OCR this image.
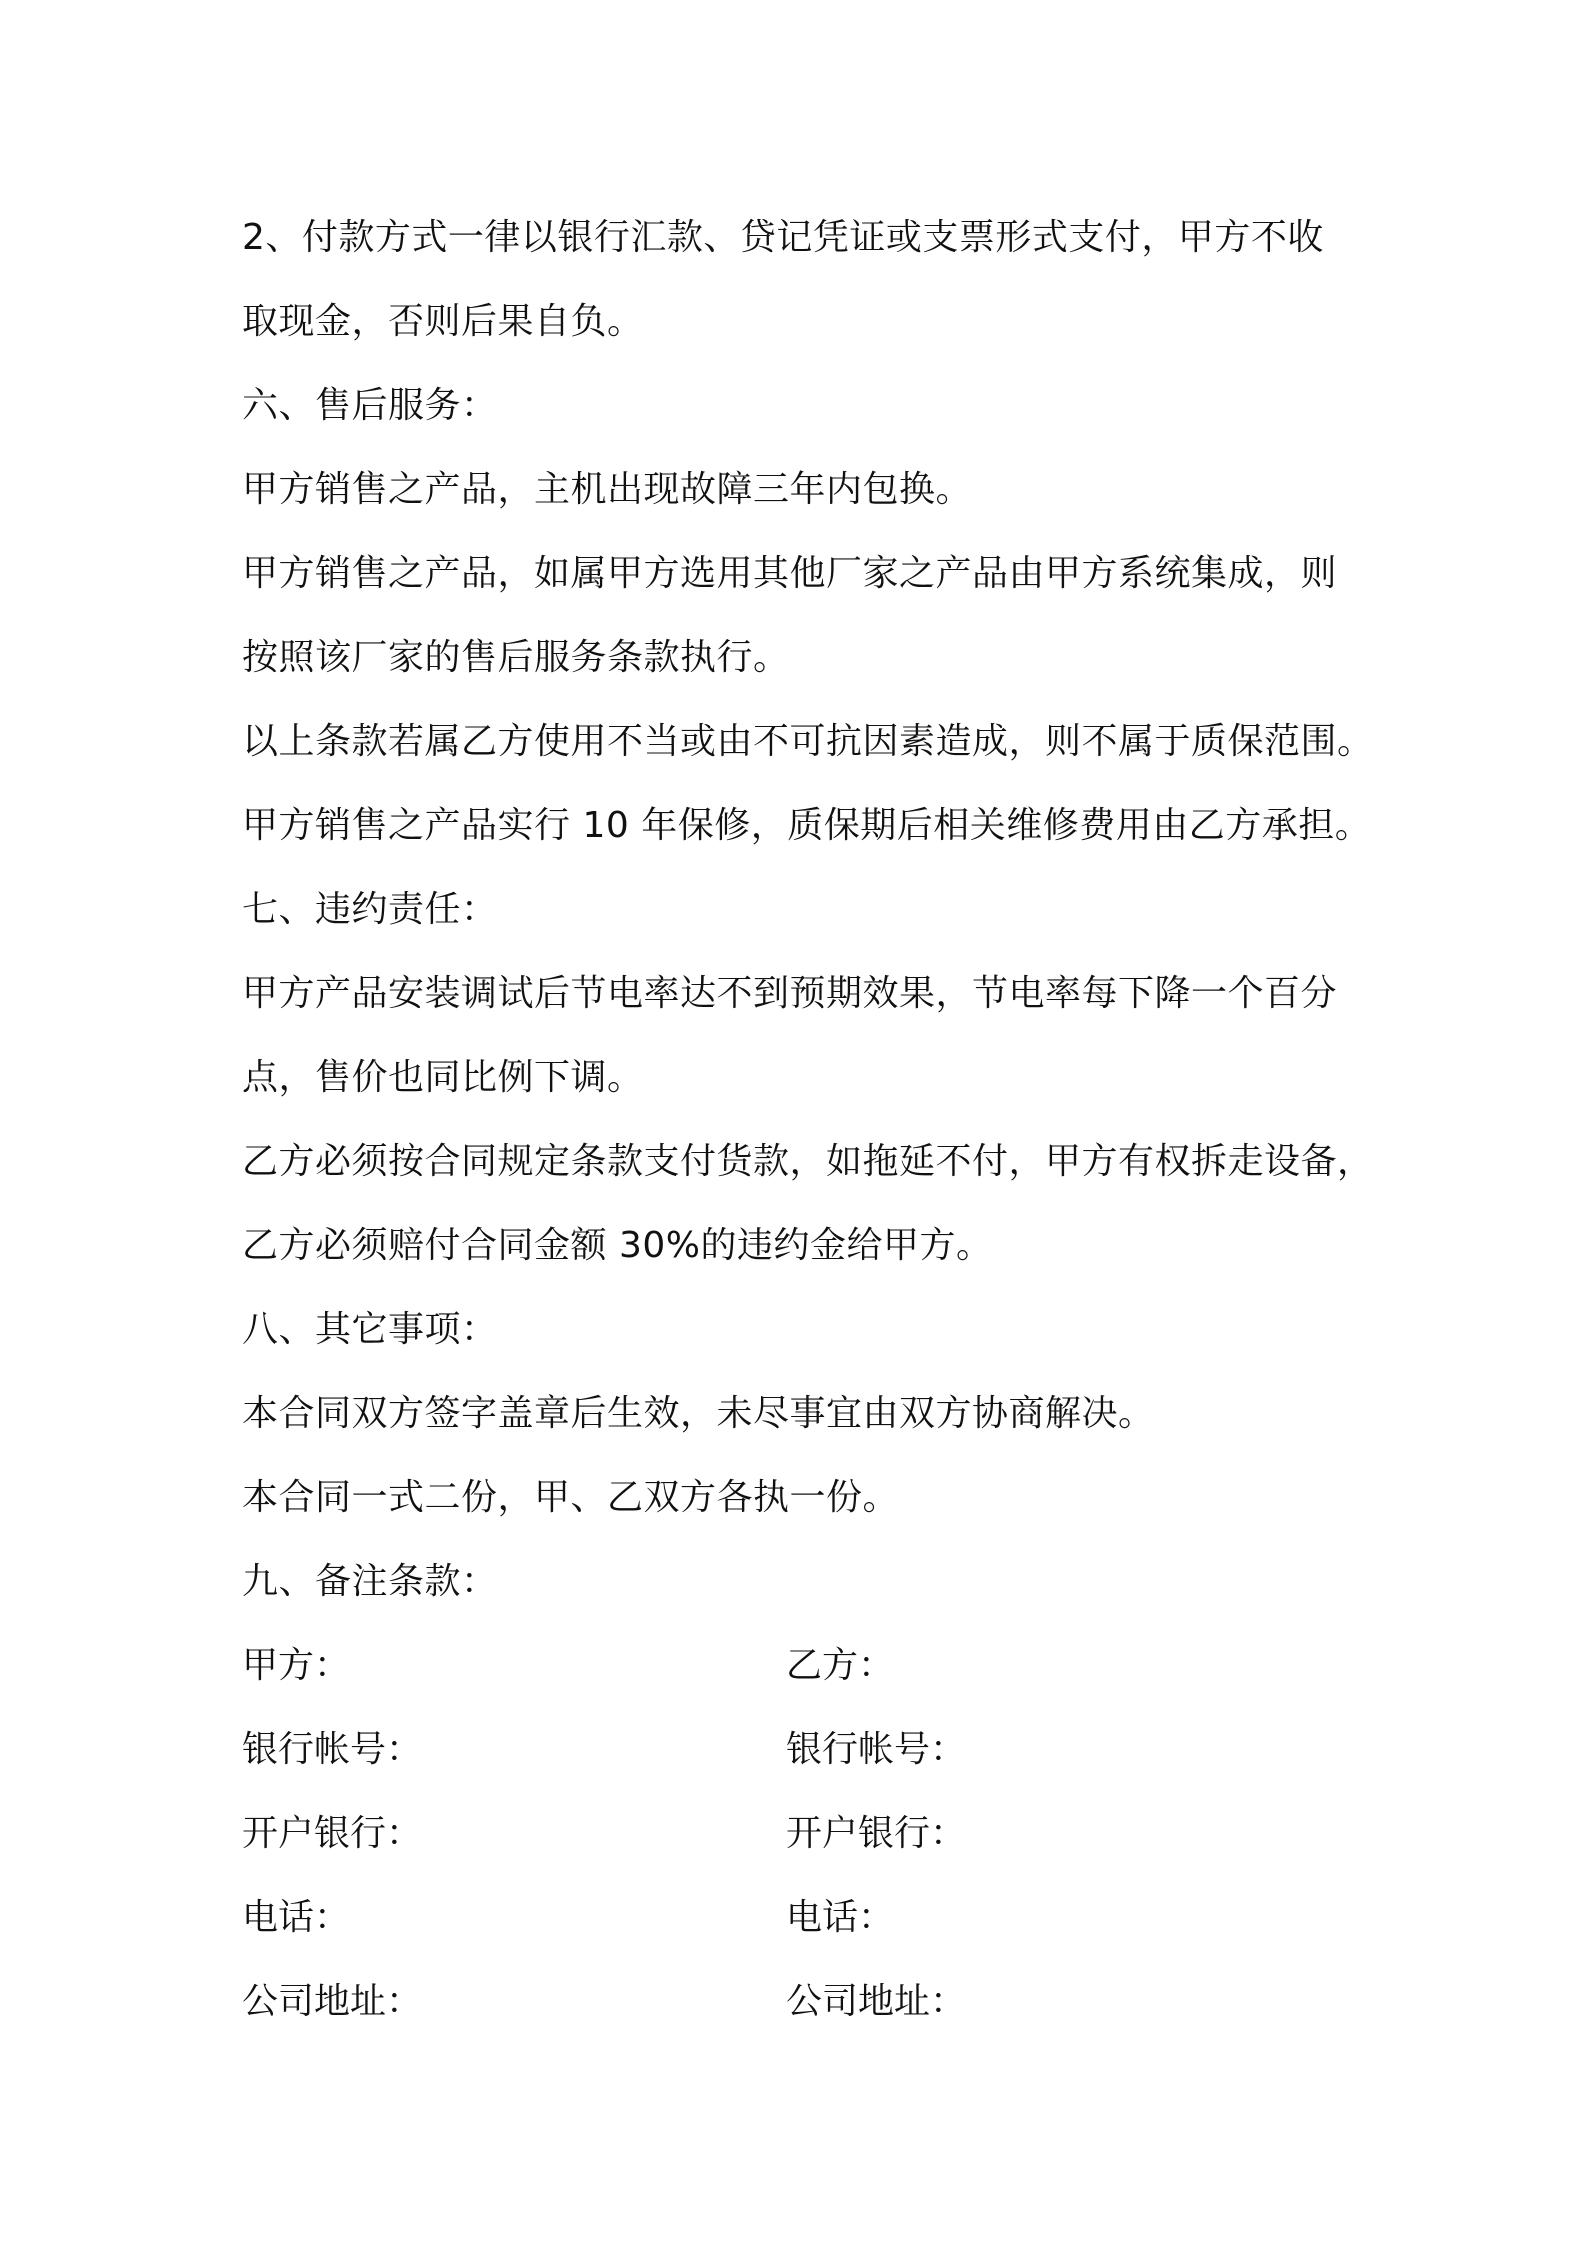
2、付款方式一律以银行汇款、贷记凭证或支票形式支付，甲方不收
取现金，否则后果自负。
六、售后服务：
甲方销售之产品，主机出现故障三年内包换。
甲方销售之产品，如属甲方选用其他厂家之产品由甲方系统集成，则
按照该厂家的售后服务条款执行。
以上条款若属乙方使用不当或由不可抗因素造成，则不属于质保范围。
甲方销售之产品实行 10 年保修，质保期后相关维修费用由乙方承担。
七、违约责任：
甲方产品安装调试后节电率达不到预期效果，节电率每下降一个百分
点，售价也同比例下调。
乙方必须按合同规定条款支付货款，如拖延不付，甲方有权拆走设备，
乙方必须赔付合同金额 30%的违约金给甲方。
八、其它事项：
本合同双方签字盖章后生效，未尽事宜由双方协商解决。
本合同一式二份，甲、乙双方各执一份。
九、备注条款：
甲方：	乙方：
银行帐号：	银行帐号：
开户银行：	开户银行：
电话：	电话：
公司地址：	公司地址：
